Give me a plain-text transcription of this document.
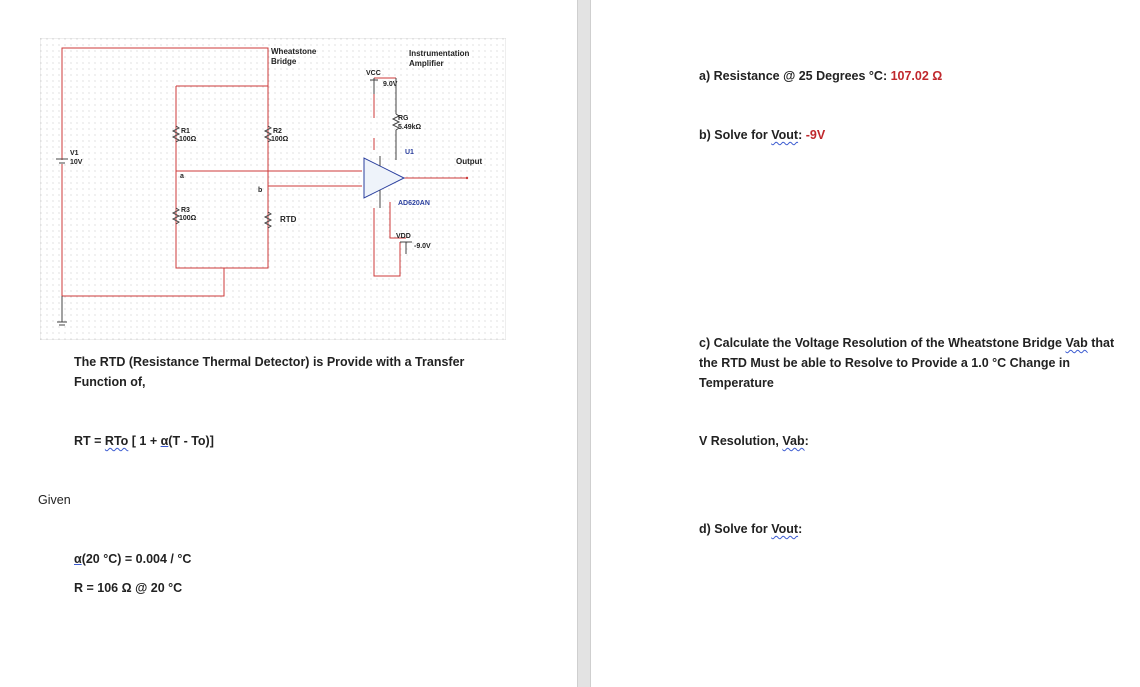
V1
10V
R1
100Ω
R2
100Ω
R3
100Ω	RTD
a
b
Wheatstone
Bridge
Instrumentation
Amplifier
VCC
9.0V
RG
5.49kΩ
U1
AD620AN
Output
VDD
-9.0V

The RTD (Resistance Thermal Detector) is Provide with a Transfer Function of,

RT = RTo [ 1 + α(T - To)]

Given

α(20 °C) = 0.004 / °C

R = 106 Ω @ 20 °C

a) Resistance @ 25 Degrees °C: 107.02 Ω

b) Solve for Vout: -9V

c) Calculate the Voltage Resolution of the Wheatstone Bridge Vab that the RTD Must be able to Resolve to Provide a 1.0 °C Change in Temperature

V Resolution, Vab:

d) Solve for Vout:
